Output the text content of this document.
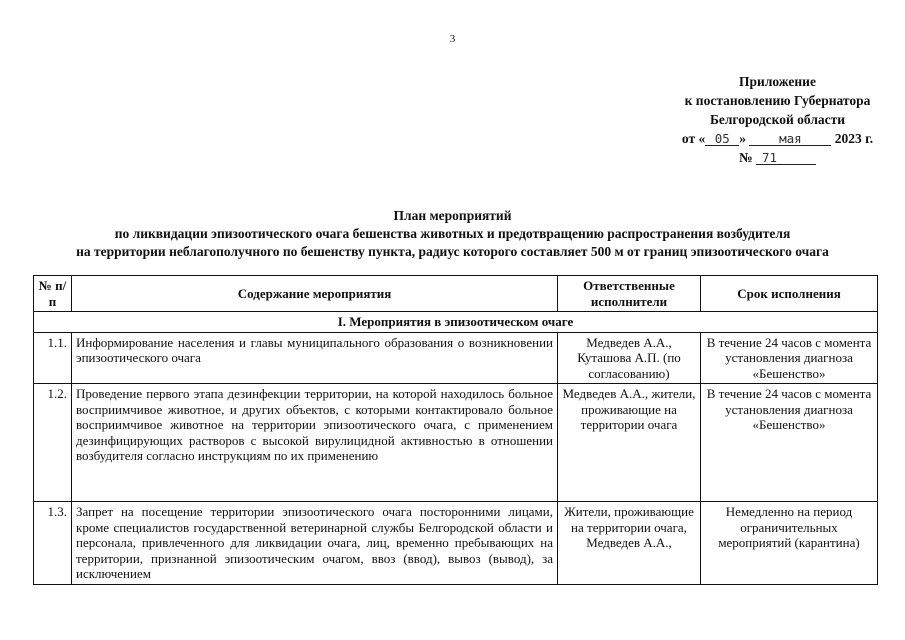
3
Приложение
к постановлению Губернатора
Белгородской области
от « 05 »	мая 2023 г.
№ 71
План мероприятий
по ликвидации эпизоотического очага бешенства животных и предотвращению распространения возбудителя
на территории неблагополучного по бешенству пункта, радиус которого составляет 500 м от границ эпизоотического очага
№ п/п	Содержание мероприятия	Ответственные исполнители	Срок исполнения
I. Мероприятия в эпизоотическом очаге			
1.1.	Информирование населения и главы муниципального образования о возникновении эпизоотического очага	Медведев А.А., Куташова А.П. (по согласованию)	В течение 24 часов с момента установления диагноза «Бешенство»
1.2.	Проведение первого этапа дезинфекции территории, на которой находилось больное восприимчивое животное, и других объектов, с которыми контактировало больное восприимчивое животное на территории эпизоотического очага, с применением дезинфицирующих растворов с высокой вирулицидной активностью в отношении возбудителя согласно инструкциям по их применению	Медведев А.А., жители, проживающие на территории очага	В течение 24 часов с момента установления диагноза «Бешенство»
1.3.	Запрет на посещение территории эпизоотического очага посторонними лицами, кроме специалистов государственной ветеринарной службы Белгородской области и персонала, привлеченного для ликвидации очага, лиц, временно пребывающих на территории, признанной эпизоотическим очагом, ввоз (ввод), вывоз (вывод), за исключением	Жители, проживающие на территории очага, Медведев А.А.,	Немедленно на период ограничительных мероприятий (карантина)
